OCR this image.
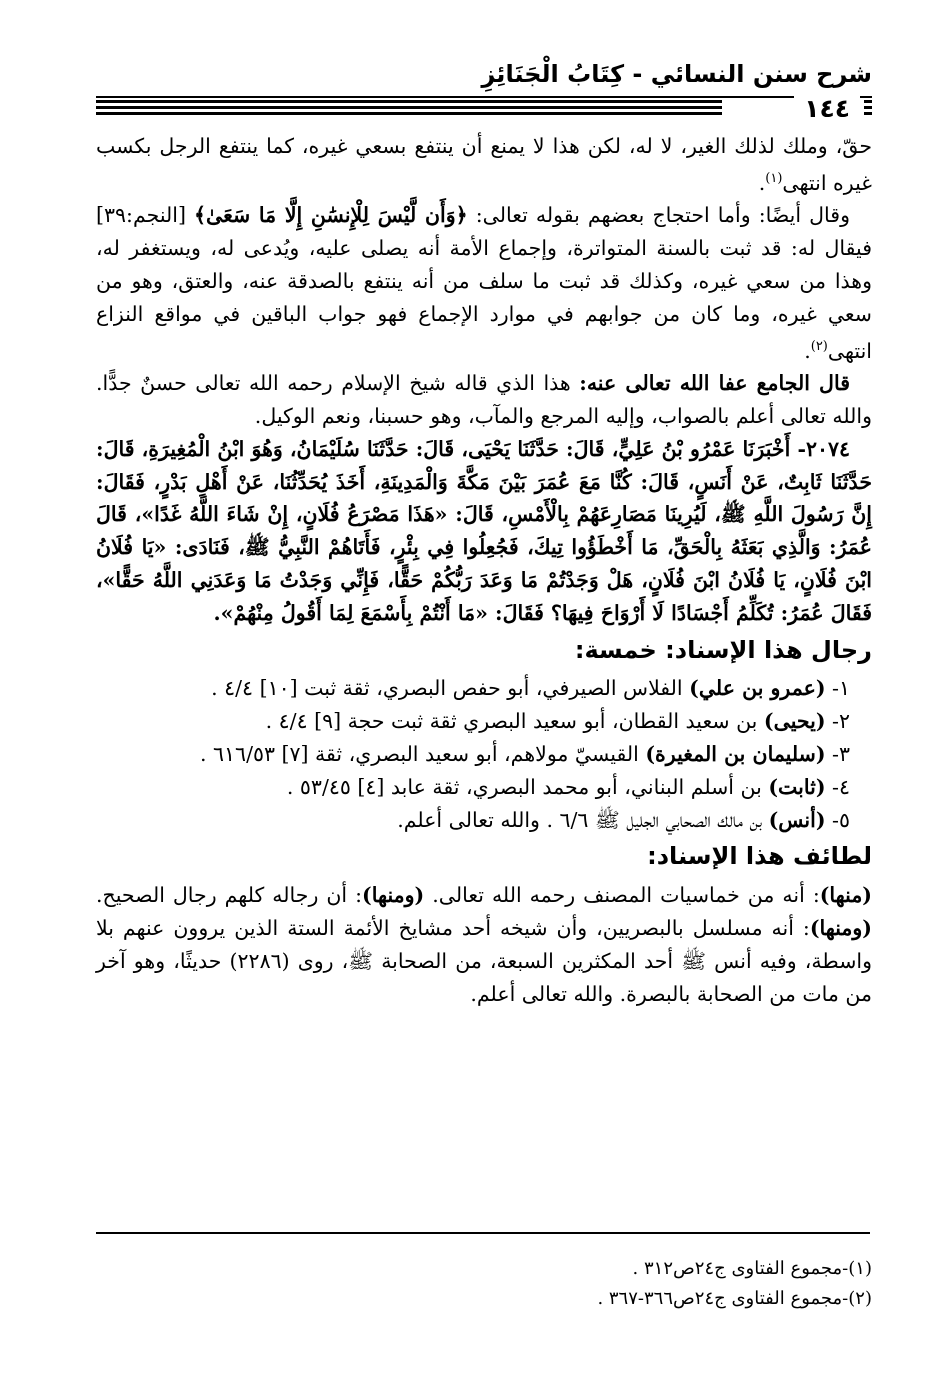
شرح سنن النسائي - كِتَابُ الْجَنَائِزِ
١٤٤

حقّ، وملك لذلك الغير، لا له، لكن هذا لا يمنع أن ينتفع بسعي غيره، كما ينتفع الرجل بكسب غيره انتهى$^{(١)}$.

وقال أيضًا: وأما احتجاج بعضهم بقوله تعالى: ﴿وَأَن لَّيْسَ لِلْإِنسَٰنِ إِلَّا مَا سَعَىٰ﴾ [النجم:٣٩] فيقال له: قد ثبت بالسنة المتواترة، وإجماع الأمة أنه يصلى عليه، ويُدعى له، ويستغفر له، وهذا من سعي غيره، وكذلك قد ثبت ما سلف من أنه ينتفع بالصدقة عنه، والعتق، وهو من سعي غيره، وما كان من جوابهم في موارد الإجماع فهو جواب الباقين في مواقع النزاع انتهى$^{(٢)}$.

قال الجامع عفا الله تعالى عنه: هذا الذي قاله شيخ الإسلام رحمه الله تعالى حسنٌ جدًّا. والله تعالى أعلم بالصواب، وإليه المرجع والمآب، وهو حسبنا، ونعم الوكيل.

٢٠٧٤- أَخْبَرَنَا عَمْرُو بْنُ عَلِيٍّ، قَالَ: حَدَّثَنَا يَحْيَى، قَالَ: حَدَّثَنَا سُلَيْمَانُ، وَهُوَ ابْنُ الْمُغِيرَةِ، قَالَ: حَدَّثَنَا ثَابِتٌ، عَنْ أَنَسٍ، قَالَ: كُنَّا مَعَ عُمَرَ بَيْنَ مَكَّةَ وَالْمَدِينَةِ، أَخَذَ يُحَدِّثُنَا، عَنْ أَهْلِ بَدْرٍ، فَقَالَ: إِنَّ رَسُولَ اللَّهِ ﷺ، لَيُرِينَا مَصَارِعَهُمْ بِالْأَمْسِ، قَالَ: «هَذَا مَصْرَعُ فُلَانٍ، إِنْ شَاءَ اللَّهُ غَدًا»، قَالَ عُمَرُ: وَالَّذِي بَعَثَهُ بِالْحَقِّ، مَا أَخْطَؤُوا تِيكَ، فَجُعِلُوا فِي بِئْرٍ، فَأَتَاهُمْ النَّبِيُّ ﷺ، فَنَادَى: «يَا فُلَانُ ابْنَ فُلَانٍ، يَا فُلَانُ ابْنَ فُلَانٍ، هَلْ وَجَدْتُمْ مَا وَعَدَ رَبُّكُمْ حَقًّا، فَإِنِّي وَجَدْتُ مَا وَعَدَنِي اللَّهُ حَقًّا»، فَقَالَ عُمَرُ: تُكَلِّمُ أَجْسَادًا لَا أَرْوَاحَ فِيهَا؟ فَقَالَ: «مَا أَنْتُمْ بِأَسْمَعَ لِمَا أَقُولُ مِنْهُمْ».

رجال هذا الإسناد: خمسة:
١- (عمرو بن علي) الفلاس الصيرفي، أبو حفص البصري، ثقة ثبت [١٠] ٤/٤ .
٢- (يحيى) بن سعيد القطان، أبو سعيد البصري ثقة ثبت حجة [٩] ٤/٤ .
٣- (سليمان بن المغيرة) القيسيّ مولاهم، أبو سعيد البصري، ثقة [٧] ٦١٦/٥٣ .
٤- (ثابت) بن أسلم البناني، أبو محمد البصري، ثقة عابد [٤] ٥٣/٤٥ .
٥- (أنس) بن مالك الصحابي الجليل ﷺ ٦/٦ . والله تعالى أعلم.
لطائف هذا الإسناد:

(منها): أنه من خماسيات المصنف رحمه الله تعالى. (ومنها): أن رجاله كلهم رجال الصحيح. (ومنها): أنه مسلسل بالبصريين، وأن شيخه أحد مشايخ الأئمة الستة الذين يروون عنهم بلا واسطة، وفيه أنس ﷺ أحد المكثرين السبعة، من الصحابة ﷺ، روى (٢٢٨٦) حديثًا، وهو آخر من مات من الصحابة بالبصرة. والله تعالى أعلم.

(١)-مجموع الفتاوى ج٢٤ص٣١٢ .

(٢)-مجموع الفتاوى ج٢٤ص٣٦٦-٣٦٧ .
